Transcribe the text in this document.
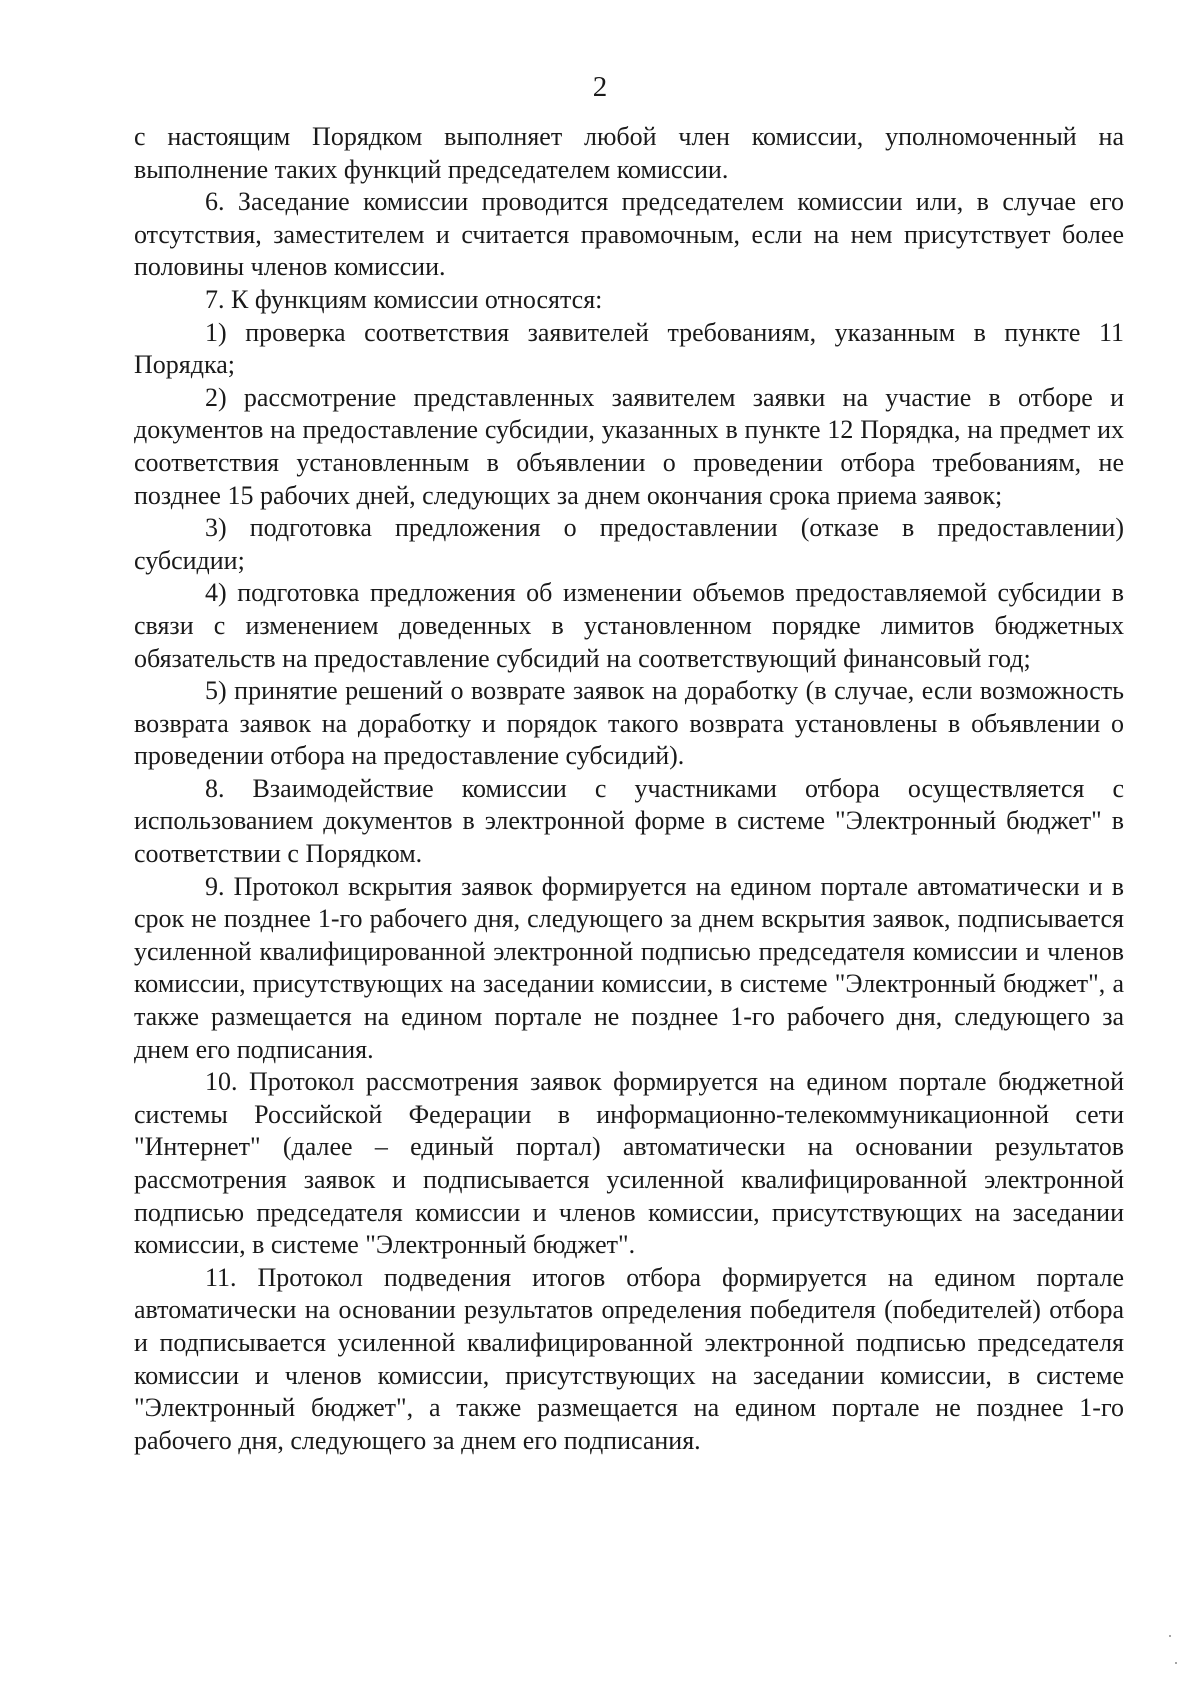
2

с настоящим Порядком выполняет любой член комиссии, уполномоченный на выполнение таких функций председателем комиссии.

6. Заседание комиссии проводится председателем комиссии или, в случае его отсутствия, заместителем и считается правомочным, если на нем присутствует более половины членов комиссии.

7. К функциям комиссии относятся:

1) проверка соответствия заявителей требованиям, указанным в пункте 11 Порядка;

2) рассмотрение представленных заявителем заявки на участие в отборе и документов на предоставление субсидии, указанных в пункте 12 Порядка, на предмет их соответствия установленным в объявлении о проведении отбора требованиям, не позднее 15 рабочих дней, следующих за днем окончания срока приема заявок;

3) подготовка предложения о предоставлении (отказе в предоставлении) субсидии;

4) подготовка предложения об изменении объемов предоставляемой субсидии в связи с изменением доведенных в установленном порядке лимитов бюджетных обязательств на предоставление субсидий на соответствующий финансовый год;

5) принятие решений о возврате заявок на доработку (в случае, если возможность возврата заявок на доработку и порядок такого возврата установлены в объявлении о проведении отбора на предоставление субсидий).

8. Взаимодействие комиссии с участниками отбора осуществляется с использованием документов в электронной форме в системе "Электронный бюджет" в соответствии с Порядком.

9. Протокол вскрытия заявок формируется на едином портале автоматически и в срок не позднее 1-го рабочего дня, следующего за днем вскрытия заявок, подписывается усиленной квалифицированной электронной подписью председателя комиссии и членов комиссии, присутствующих на заседании комиссии, в системе "Электронный бюджет", а также размещается на едином портале не позднее 1-го рабочего дня, следующего за днем его подписания.

10. Протокол рассмотрения заявок формируется на едином портале бюджетной системы Российской Федерации в информационно-телекоммуникационной сети "Интернет" (далее – единый портал) автоматически на основании результатов рассмотрения заявок и подписывается усиленной квалифицированной электронной подписью председателя комиссии и членов комиссии, присутствующих на заседании комиссии, в системе "Электронный бюджет".

11. Протокол подведения итогов отбора формируется на едином портале автоматически на основании результатов определения победителя (победителей) отбора и подписывается усиленной квалифицированной электронной подписью председателя комиссии и членов комиссии, присутствующих на заседании комиссии, в системе "Электронный бюджет", а также размещается на едином портале не позднее 1-го рабочего дня, следующего за днем его подписания.
